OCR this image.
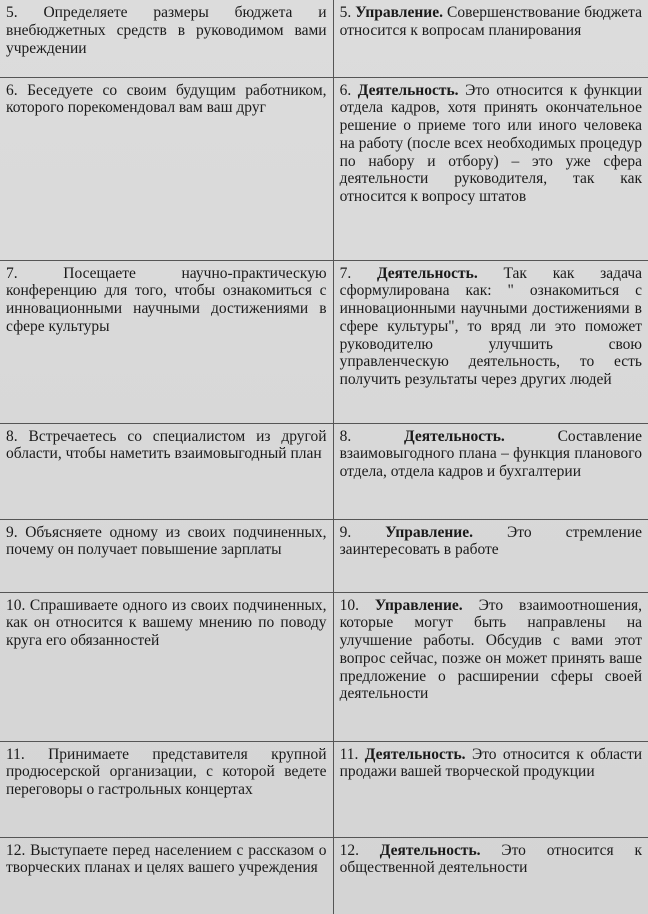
5. Определяете размеры бюджета и внебюджетных средств в руководимом вами учреждении	5. Управление. Совершенствование бюджета относится к вопросам планирования
6. Беседуете со своим будущим работником, которого порекомендовал вам ваш друг	6. Деятельность. Это относится к функции отдела кадров, хотя принять окончательное решение о приеме того или иного человека на работу (после всех необходимых процедур по набору и отбору) – это уже сфера деятельности руководителя, так как относится к вопросу штатов
7. Посещаете научно-практическую конференцию для того, чтобы ознакомиться с инновационными научными достижениями в сфере культуры	7. Деятельность. Так как задача сформулирована как: " ознакомиться с инновационными научными достижениями в сфере культуры", то вряд ли это поможет руководителю улучшить свою управленческую деятельность, то есть получить результаты через других людей
8. Встречаетесь со специалистом из другой области, чтобы наметить взаимовыгодный план	8. Деятельность. Составление взаимовыгодного плана – функция планового отдела, отдела кадров и бухгалтерии
9. Объясняете одному из своих подчиненных, почему он получает повышение зарплаты	9. Управление. Это стремление заинтересовать в работе
10. Спрашиваете одного из своих подчиненных, как он относится к вашему мнению по поводу круга его обязанностей	10. Управление. Это взаимоотношения, которые могут быть направлены на улучшение работы. Обсудив с вами этот вопрос сейчас, позже он может принять ваше предложение о расширении сферы своей деятельности
11. Принимаете представителя крупной продюсерской организации, с которой ведете переговоры о гастрольных концертах	11. Деятельность. Это относится к области продажи вашей творческой продукции
12. Выступаете перед населением с рассказом о творческих планах и целях вашего учреждения	12. Деятельность. Это относится к общественной деятельности
